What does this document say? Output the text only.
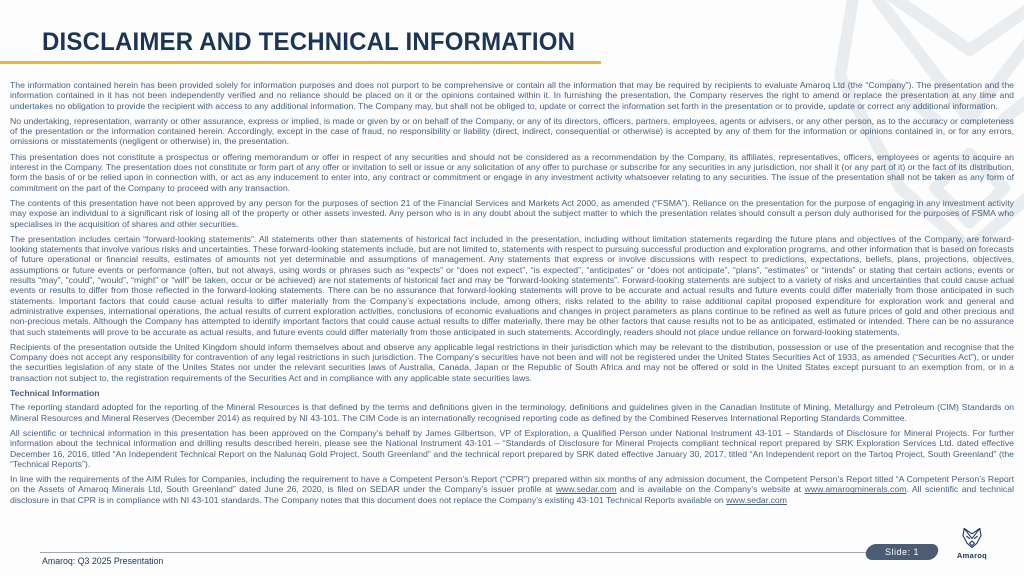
DISCLAIMER AND TECHNICAL INFORMATION

The information contained herein has been provided solely for information purposes and does not purport to be comprehensive or contain all the information that may be required by recipients to evaluate Amaroq Ltd (the “Company”). The presentation and the information contained in it has not been independently verified and no reliance should be placed on it or the opinions contained within it. In furnishing the presentation, the Company reserves the right to amend or replace the presentation at any time and undertakes no obligation to provide the recipient with access to any additional information. The Company may, but shall not be obliged to, update or correct the information set forth in the presentation or to provide, update or correct any additional information.

No undertaking, representation, warranty or other assurance, express or implied, is made or given by or on behalf of the Company, or any of its directors, officers, partners, employees, agents or advisers, or any other person, as to the accuracy or completeness of the presentation or the information contained herein. Accordingly, except in the case of fraud, no responsibility or liability (direct, indirect, consequential or otherwise) is accepted by any of them for the information or opinions contained in, or for any errors, omissions or misstatements (negligent or otherwise) in, the presentation.

This presentation does not constitute a prospectus or offering memorandum or offer in respect of any securities and should not be considered as a recommendation by the Company, its affiliates, representatives, officers, employees or agents to acquire an interest in the Company. The presentation does not constitute or form part of any offer or invitation to sell or issue or any solicitation of any offer to purchase or subscribe for any securities in any jurisdiction, nor shall it (or any part of it) or the fact of its distribution, form the basis of or be relied upon in connection with, or act as any inducement to enter into, any contract or commitment or engage in any investment activity whatsoever relating to any securities. The issue of the presentation shall not be taken as any form of commitment on the part of the Company to proceed with any transaction.

The contents of this presentation have not been approved by any person for the purposes of section 21 of the Financial Services and Markets Act 2000, as amended (“FSMA”). Reliance on the presentation for the purpose of engaging in any investment activity may expose an individual to a significant risk of losing all of the property or other assets invested. Any person who is in any doubt about the subject matter to which the presentation relates should consult a person duly authorised for the purposes of FSMA who specialises in the acquisition of shares and other securities.

The presentation includes certain “forward-looking statements”. All statements other than statements of historical fact included in the presentation, including without limitation statements regarding the future plans and objectives of the Company, are forward-looking statements that involve various risks and uncertainties. These forward-looking statements include, but are not limited to, statements with respect to pursuing successful production and exploration programs, and other information that is based on forecasts of future operational or financial results, estimates of amounts not yet determinable and assumptions of management. Any statements that express or involve discussions with respect to predictions, expectations, beliefs, plans, projections, objectives, assumptions or future events or performance (often, but not always, using words or phrases such as “expects” or “does not expect”, “is expected”, “anticipates” or “does not anticipate”, “plans”, “estimates” or “intends” or stating that certain actions, events or results “may”, “could”, “would”, “might” or “will” be taken, occur or be achieved) are not statements of historical fact and may be “forward-looking statements”. Forward-looking statements are subject to a variety of risks and uncertainties that could cause actual events or results to differ from those reflected in the forward-looking statements. There can be no assurance that forward-looking statements will prove to be accurate and actual results and future events could differ materially from those anticipated in such statements. Important factors that could cause actual results to differ materially from the Company’s expectations include, among others, risks related to the ability to raise additional capital proposed expenditure for exploration work and general and administrative expenses, international operations, the actual results of current exploration activities, conclusions of economic evaluations and changes in project parameters as plans continue to be refined as well as future prices of gold and other precious and non-precious metals. Although the Company has attempted to identify important factors that could cause actual results to differ materially, there may be other factors that cause results not to be as anticipated, estimated or intended. There can be no assurance that such statements will prove to be accurate as actual results, and future events could differ materially from those anticipated in such statements. Accordingly, readers should not place undue reliance on forward-looking statements.

Recipients of the presentation outside the United Kingdom should inform themselves about and observe any applicable legal restrictions in their jurisdiction which may be relevant to the distribution, possession or use of the presentation and recognise that the Company does not accept any responsibility for contravention of any legal restrictions in such jurisdiction. The Company’s securities have not been and will not be registered under the United States Securities Act of 1933, as amended (“Securities Act”), or under the securities legislation of any state of the Unites States nor under the relevant securities laws of Australia, Canada, Japan or the Republic of South Africa and may not be offered or sold in the United States except pursuant to an exemption from, or in a transaction not subject to, the registration requirements of the Securities Act and in compliance with any applicable state securities laws.

Technical Information

The reporting standard adopted for the reporting of the Mineral Resources is that defined by the terms and definitions given in the terminology, definitions and guidelines given in the Canadian Institute of Mining, Metallurgy and Petroleum (CIM) Standards on Mineral Resources and Mineral Reserves (December 2014) as required by NI 43-101. The CIM Code is an internationally recognised reporting code as defined by the Combined Reserves International Reporting Standards Committee.

All scientific or technical information in this presentation has been approved on the Company’s behalf by James Gilbertson, VP of Exploration, a Qualified Person under National Instrument 43-101 – Standards of Disclosure for Mineral Projects. For further information about the technical information and drilling results described herein, please see the National Instrument 43-101 – “Standards of Disclosure for Mineral Projects compliant technical report prepared by SRK Exploration Services Ltd. dated effective December 16, 2016, titled “An Independent Technical Report on the Nalunaq Gold Project, South Greenland” and the technical report prepared by SRK dated effective January 30, 2017, titled “An Independent report on the Tartoq Project, South Greenland” (the “Technical Reports”).

In line with the requirements of the AIM Rules for Companies, including the requirement to have a Competent Person’s Report (“CPR”) prepared within six months of any admission document, the Competent Person’s Report titled “A Competent Person’s Report on the Assets of Amaroq Minerals Ltd, South Greenland” dated June 26, 2020, is filed on SEDAR under the Company’s issuer profile at www.sedar.com and is available on the Company’s website at www.amaroqminerals.com. All scientific and technical disclosure in that CPR is in compliance with NI 43-101 standards. The Company notes that this document does not replace the Company’s existing 43-101 Technical Reports available on www.sedar.com

Amaroq: Q3 2025 Presentation
Slide: 1	Amaroq
